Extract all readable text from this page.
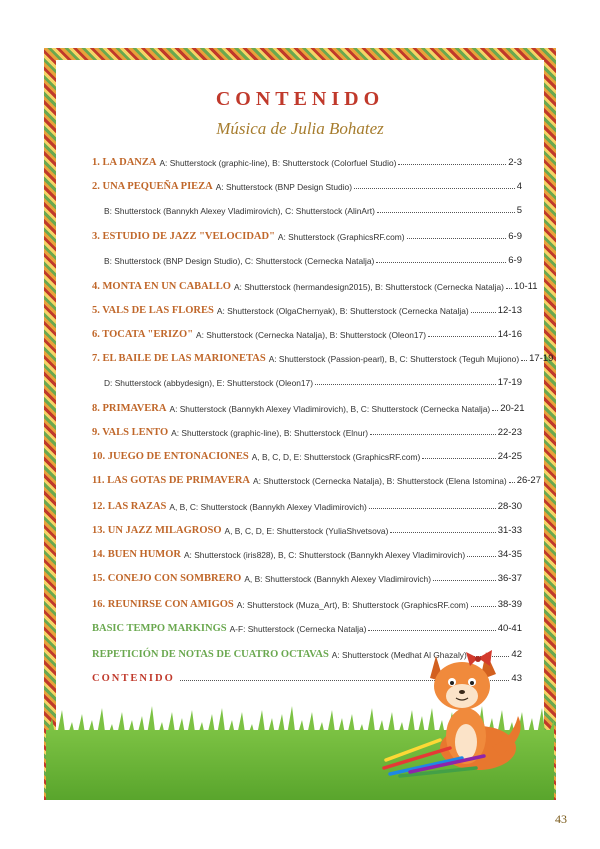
CONTENIDO
Música de Julia Bohatez
1. LA DANZA A: Shutterstock (graphic-line), B: Shutterstock (Colorfuel Studio)	2-3
2. UNA PEQUEÑA PIEZA A: Shutterstock (BNP Design Studio)	4
B: Shutterstock (Bannykh Alexey Vladimirovich), C: Shutterstock (AlinArt)	5
3. ESTUDIO DE JAZZ "VELOCIDAD" A: Shutterstock (GraphicsRF.com)	6-9
B: Shutterstock (BNP Design Studio), C: Shutterstock (Cernecka Natalja)	6-9
4. MONTA EN UN CABALLO A: Shutterstock (hermandesign2015), B: Shutterstock (Cernecka Natalja) 10-11
5. VALS DE LAS FLORES A: Shutterstock (OlgaChernyak), B: Shutterstock (Cernecka Natalja)	12-13
6. TOCATA "ERIZO" A: Shutterstock (Cernecka Natalja), B: Shutterstock (Oleon17)	14-16
7. EL BAILE DE LAS MARIONETAS A: Shutterstock (Passion-pearl), B, C: Shutterstock (Teguh Mujiono) 17-19
D: Shutterstock (abbydesign), E: Shutterstock (Oleon17)	17-19
8. PRIMAVERA A: Shutterstock (Bannykh Alexey Vladimirovich), B, C: Shutterstock (Cernecka Natalja) 20-21
9. VALS LENTO A: Shutterstock (graphic-line), B: Shutterstock (Elnur)	22-23
10. JUEGO DE ENTONACIONES A, B, C, D, E: Shutterstock (GraphicsRF.com)	24-25
11. LAS GOTAS DE PRIMAVERA A: Shutterstock (Cernecka Natalja), B: Shutterstock (Elena Istomina) 26-27
12. LAS RAZAS A, B, C: Shutterstock (Bannykh Alexey Vladimirovich)	28-30
13. UN JAZZ MILAGROSO A, B, C, D, E: Shutterstock (YuliaShvetsova)	31-33
14. BUEN HUMOR A: Shutterstock (iris828), B, C: Shutterstock (Bannykh Alexey Vladimirovich)	34-35
15. CONEJO CON SOMBRERO A, B: Shutterstock (Bannykh Alexey Vladimirovich)	36-37
16. REUNIRSE CON AMIGOS A: Shutterstock (Muza_Art), B: Shutterstock (GraphicsRF.com)	38-39
BASIC TEMPO MARKINGS A-F: Shutterstock (Cernecka Natalja)	40-41
REPETICIÓN DE NOTAS DE CUATRO OCTAVAS A: Shutterstock (Medhat Al Ghazaly)	42
CONTENIDO	43
43
